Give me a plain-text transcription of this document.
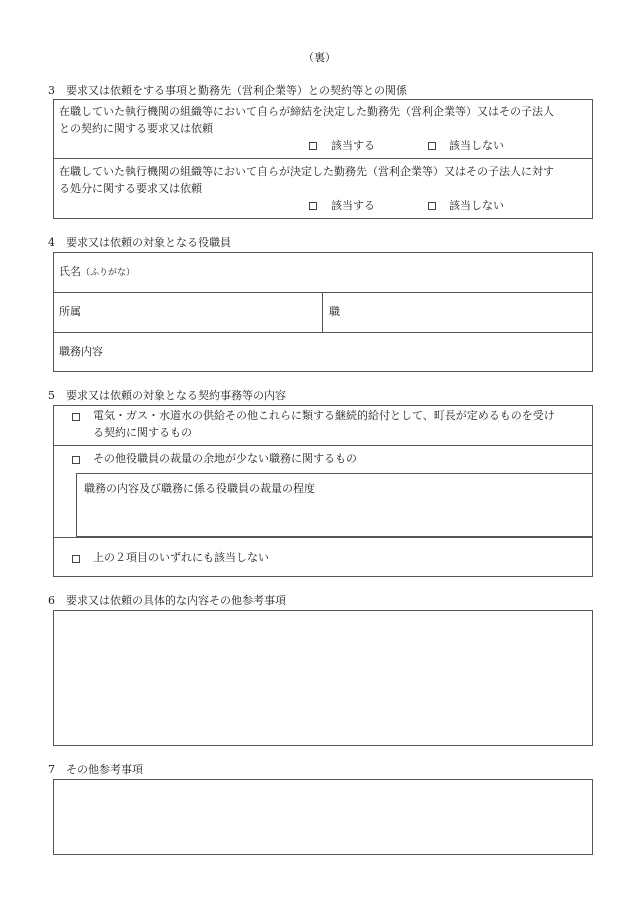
（裏）
3　要求又は依頼をする事項と勤務先（営利企業等）との契約等との関係
在職していた執行機関の組織等において自らが締結を決定した勤務先（営利企業等）又はその子法人
との契約に関する要求又は依頼
該当する	該当しない
在職していた執行機関の組織等において自らが決定した勤務先（営利企業等）又はその子法人に対す
る処分に関する要求又は依頼
該当する	該当しない
4　要求又は依頼の対象となる役職員
氏名（ふりがな）
所属	職
職務内容
5　要求又は依頼の対象となる契約事務等の内容
電気・ガス・水道水の供給その他これらに類する継続的給付として、町長が定めるものを受け
る契約に関するもの
その他役職員の裁量の余地が少ない職務に関するもの
職務の内容及び職務に係る役職員の裁量の程度
上の２項目のいずれにも該当しない
6　要求又は依頼の具体的な内容その他参考事項
7　その他参考事項
